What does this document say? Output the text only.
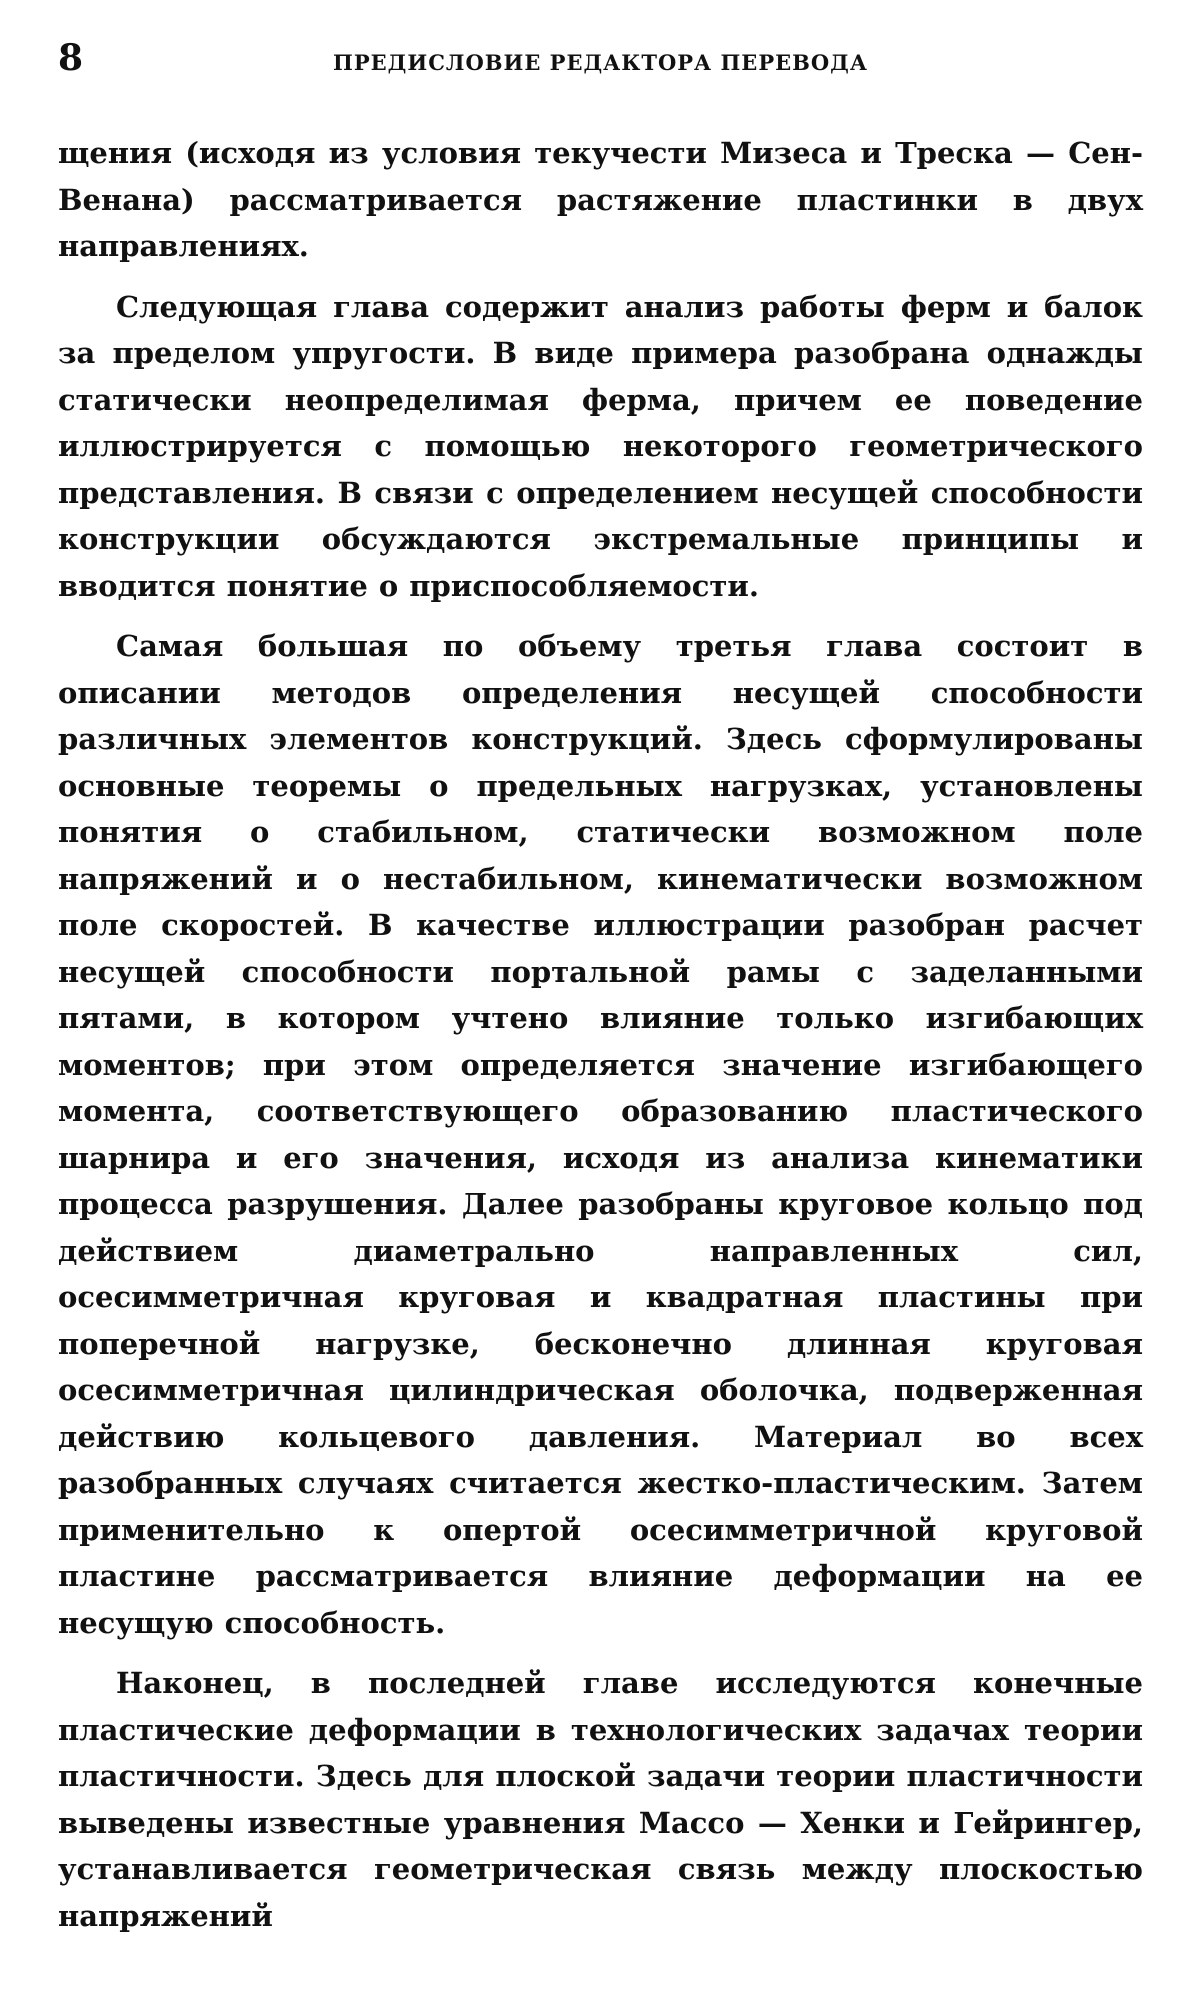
8	ПРЕДИСЛОВИЕ РЕДАКТОРА ПЕРЕВОДА

щения (исходя из условия текучести Мизеса и Треска — Сен-Венана) рассматривается растяжение пластинки в двух направлениях.

Следующая глава содержит анализ работы ферм и балок за пределом упругости. В виде примера разобрана однажды статически неопределимая ферма, причем ее поведение иллюстрируется с помощью некоторого геометрического представления. В связи с определением несущей способности конструкции обсуждаются экстремальные принципы и вводится понятие о приспособляемости.

Самая большая по объему третья глава состоит в описании методов определения несущей способности различных элементов конструкций. Здесь сформулированы основные теоремы о предельных нагрузках, установлены понятия о стабильном, статически возможном поле напряжений и о нестабильном, кинематически возможном поле скоростей. В качестве иллюстрации разобран расчет несущей способности портальной рамы с заделанными пятами, в котором учтено влияние только изгибающих моментов; при этом определяется значение изгибающего момента, соответствующего образованию пластического шарнира и его значения, исходя из анализа кинематики процесса разрушения. Далее разобраны круговое кольцо под действием диаметрально направленных сил, осесимметричная круговая и квадратная пластины при поперечной нагрузке, бесконечно длинная круговая осесимметричная цилиндрическая оболочка, подверженная действию кольцевого давления. Материал во всех разобранных случаях считается жестко-пластическим. Затем применительно к опертой осесимметричной круговой пластине рассматривается влияние деформации на ее несущую способность.

Наконец, в последней главе исследуются конечные пластические деформации в технологических задачах теории пластичности. Здесь для плоской задачи теории пластичности выведены известные уравнения Массо — Хенки и Гейрингер, устанавливается геометрическая связь между плоскостью напряжений
